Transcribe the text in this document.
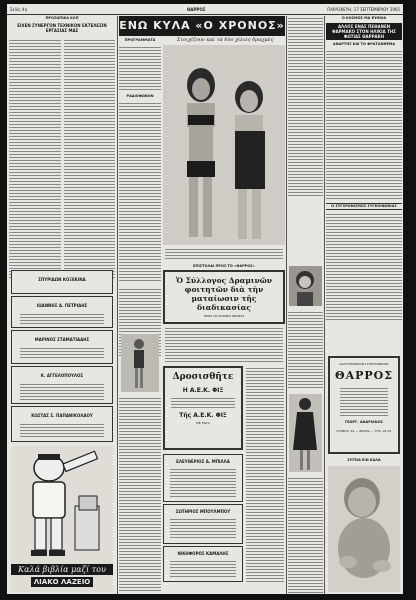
Σελὶς 4η	ΘΑΡΡΟΣ	ΠΑΡΑΣΚΕΥΗ, 17 ΣΕΠΤΕΜΒΡΙΟΥ 1965
ΠΡΟΣΩΠΙΚΑ ΚΛΠ
ΕΙΧΕΝ ΣΥΝΕΡΓΟΝ ΤΕΧΝΙΚΟΝ ΕΚΤΕΛΕΣΙΝ ΕΡΓΑΣΙΑΣ ΜΑΣ
ΣΠΥΡΙΔΩΝ ΚΟΞΕΚΙΝΑ
ΙΩΑΝΝΗΣ Α. ΠΕΤΡΙΔΗΣ
ΜΑΡΙΝΟΣ ΣΤΑΜΑΤΙΑΔΗΣ
Κ. ΑΓΓΕΛΟΠΟΥΛΟΣ
ΚΩΣΤΑΣ Σ. ΠΑΠΑΝΙΚΟΛΑΟΥ
Καλά βιβλία μαζί του
ΛΙΑΚΟ ΛΑΖΕΙΟ
ΠΡΟΓΡΑΜΜΑΤΑ
ΡΑΔΙΟΦΩΝΟΝ
ΕΝΩ ΚΥΛΑ «Ο ΧΡΟΝΟΣ»
Στοιχίζουν καὶ τὰ δύο χίλιες δραχμές
ΕΠΙΣΤΟΛΑΙ ΠΡΟΣ ΤΟ «ΘΑΡΡΟΣ»
Ὁ Σύλλογος Δραμινῶν φοιτητῶν διὰ τὴν ματαίωσιν τῆς διαδικασίας
ΠΡΟΣ ΤΟ ΧΙΟΝΙΚΗ ΔΡΑΜΑΣ
Δροσισθῆτε
Η Α.Ε.Κ. ΦΙΞ
Τῆς Α.Ε.Κ. ΦΙΞ
ΜΕ ΠΑΓΑ
ΕΛΕΥΘΕΡΙΟΣ Α. ΜΠΙΛΛΑ
ΣΩΤΗΡΙΟΣ ΜΠΟΥΛΜΠΟΥ
ΝΙΚΗΦΟΡΟΣ ΚΑΜΑΛΗΣ
Ο ΚΟΣΜΟΣ ΜΑ ΕΥΗΧΙΑ
ΑΛΛΟΣ ΕΝΑΣ ΠΕΘΑΝΕΝ ΦΑΡΜΑΚΟ ΣΤΟΝ ΗΛΙΚΙΑ ΤΗΣ ΦΩΤΙΑΣ ΘΑΡΡΑΚΗ
ΑΝΑΡΤΗΣ ΚΑΙ ΤΟ ΦΡΑΤΑΝΘΕΜΑ
Ο ΣΥΓΧΡΟΝΙΣΜΟΣ ΣΥΓΚΟΙΝΩΝΙΑΣ
ΚΑΛΛΙΤΕΧΝΙΚΟΝ ΤΥΠΟΓΡΑΦΕΙΟΝ
ΘΑΡΡΟΣ
ΓΕΩΡΓ. ΑΝΔΡΙΑΝΟΣ
ΚΥΝΕΙΟΥ 22 — ΔΡΑΜΑ — ΤΗΛ. 26-91
ΣΥΓΕΙΑ ΕΙΝ ΚΑΛΑ
